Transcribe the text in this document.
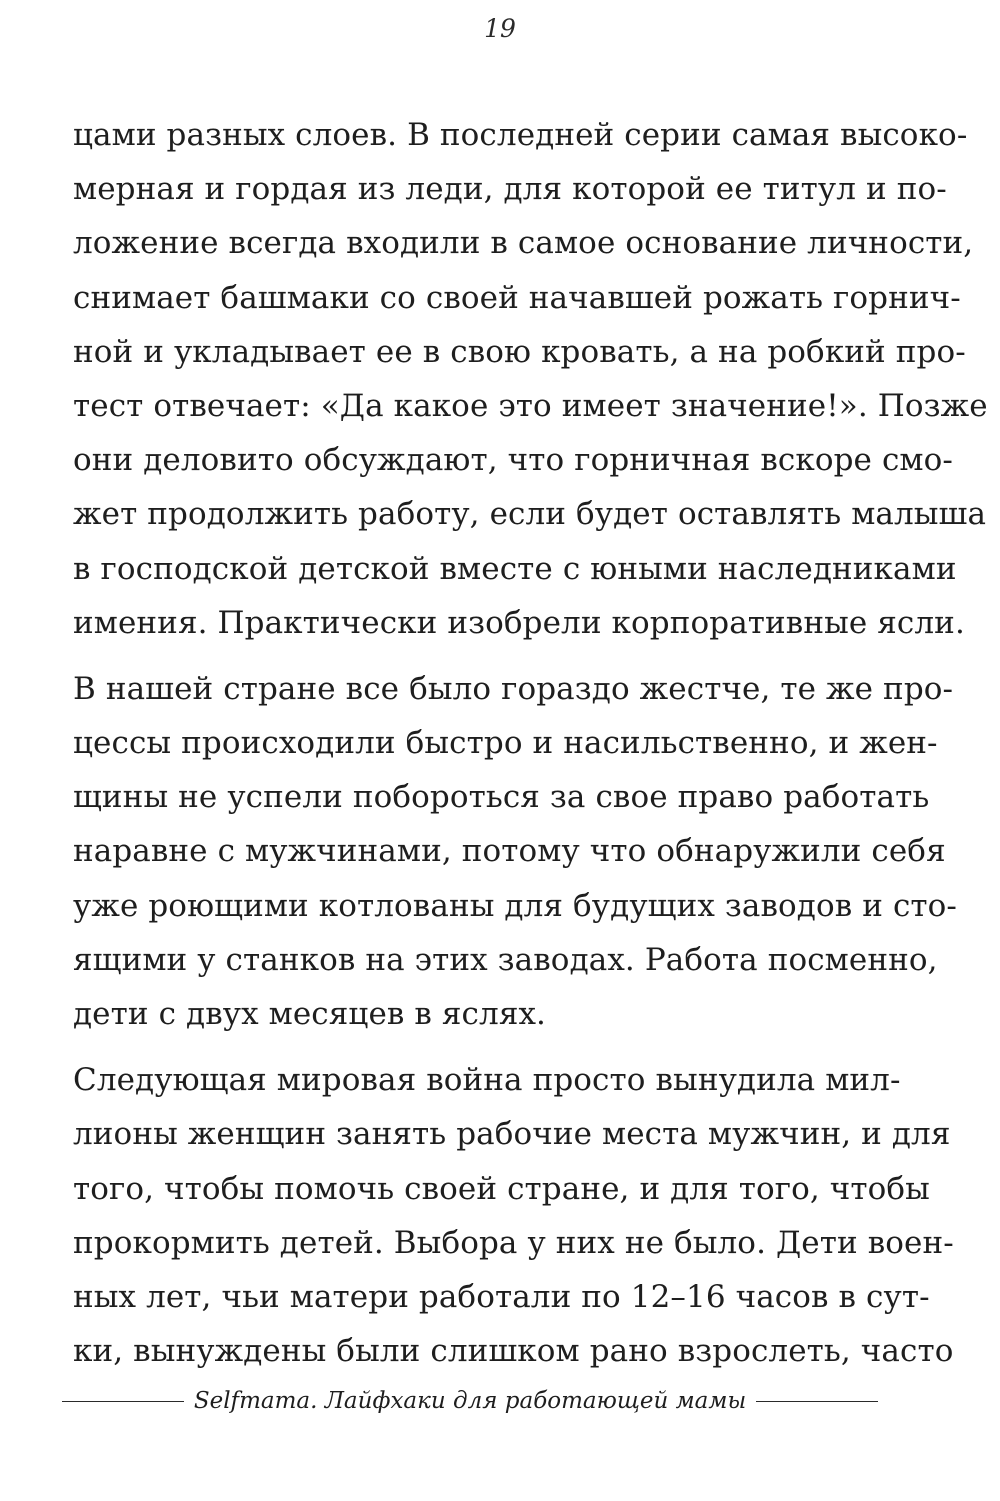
19
цами разных слоев. В последней серии самая высоко-
мерная и гордая из леди, для которой ее титул и по-
ложение всегда входили в самое основание личности,
снимает башмаки со своей начавшей рожать горнич-
ной и укладывает ее в свою кровать, а на робкий про-
тест отвечает: «Да какое это имеет значение!». Позже
они деловито обсуждают, что горничная вскоре смо-
жет продолжить работу, если будет оставлять малыша
в господской детской вместе с юными наследниками
имения. Практически изобрели корпоративные ясли.
В нашей стране все было гораздо жестче, те же про-
цессы происходили быстро и насильственно, и жен-
щины не успели побороться за свое право работать
наравне с мужчинами, потому что обнаружили себя
уже роющими котлованы для будущих заводов и сто-
ящими у станков на этих заводах. Работа посменно,
дети с двух месяцев в яслях.
Следующая мировая война просто вынудила мил-
лионы женщин занять рабочие места мужчин, и для
того, чтобы помочь своей стране, и для того, чтобы
прокормить детей. Выбора у них не было. Дети воен-
ных лет, чьи матери работали по 12–16 часов в сут-
ки, вынуждены были слишком рано взрослеть, часто
Selfmama. Лайфхаки для работающей мамы
